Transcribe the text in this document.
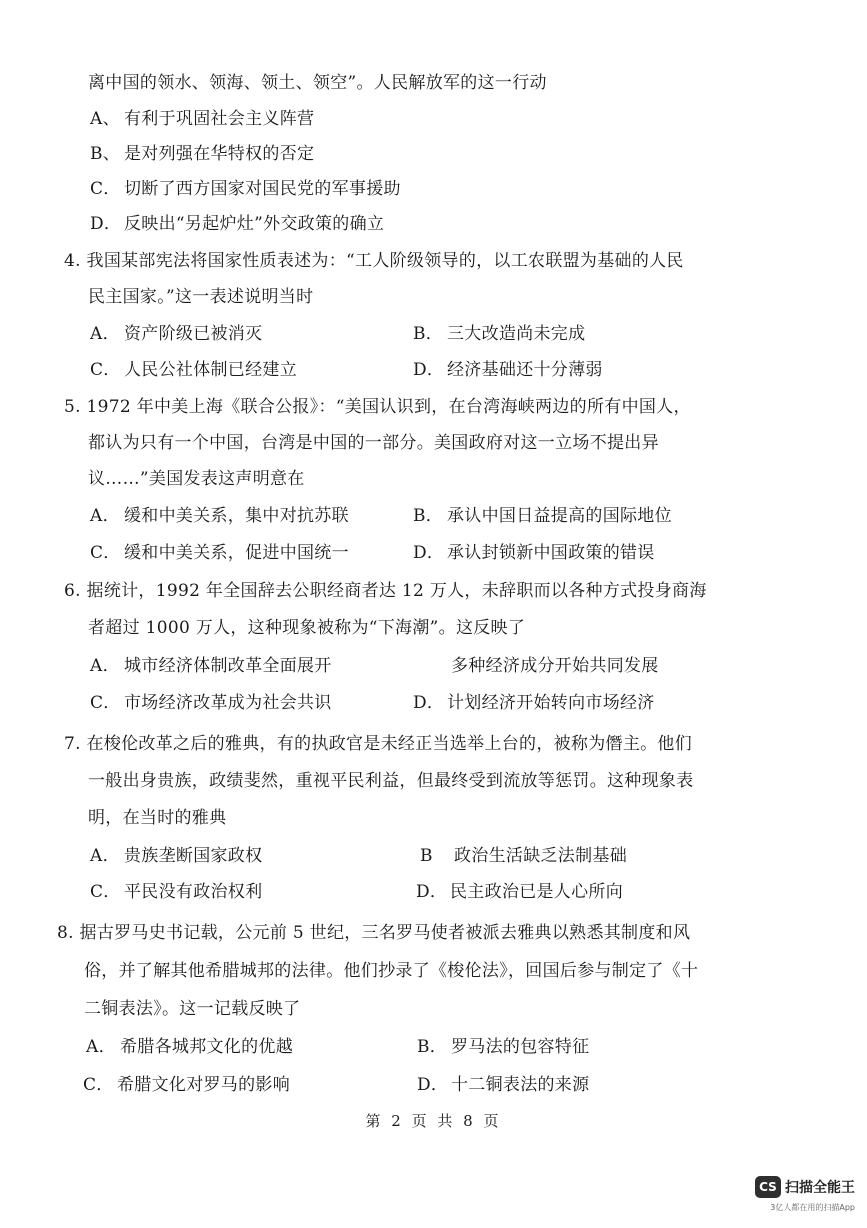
离中国的领水、领海、领土、领空”。人民解放军的这一行动
A、 有利于巩固社会主义阵营
B、 是对列强在华特权的否定
C． 切断了西方国家对国民党的军事援助
D． 反映出“另起炉灶”外交政策的确立
4. 我国某部宪法将国家性质表述为：“工人阶级领导的，以工农联盟为基础的人民
民主国家。”这一表述说明当时
A． 资产阶级已被消灭	B． 三大改造尚未完成
C． 人民公社体制已经建立	D． 经济基础还十分薄弱
5. 1972 年中美上海《联合公报》：“美国认识到，在台湾海峡两边的所有中国人，
都认为只有一个中国，台湾是中国的一部分。美国政府对这一立场不提出异
议……”美国发表这声明意在
A． 缓和中美关系，集中对抗苏联	B． 承认中国日益提高的国际地位
C． 缓和中美关系，促进中国统一	D． 承认封锁新中国政策的错误
6. 据统计，1992 年全国辞去公职经商者达 12 万人，未辞职而以各种方式投身商海
者超过 1000 万人，这种现象被称为“下海潮”。这反映了
A． 城市经济体制改革全面展开	多种经济成分开始共同发展
C． 市场经济改革成为社会共识	D． 计划经济开始转向市场经济
7. 在梭伦改革之后的雅典，有的执政官是未经正当选举上台的，被称为僭主。他们
一般出身贵族，政绩斐然，重视平民利益，但最终受到流放等惩罚。这种现象表
明，在当时的雅典
A． 贵族垄断国家政权	B 政治生活缺乏法制基础
C． 平民没有政治权利	D． 民主政治已是人心所向
8. 据古罗马史书记载，公元前 5 世纪，三名罗马使者被派去雅典以熟悉其制度和风
俗，并了解其他希腊城邦的法律。他们抄录了《梭伦法》，回国后参与制定了《十
二铜表法》。这一记载反映了
A． 希腊各城邦文化的优越	B． 罗马法的包容特征
C． 希腊文化对罗马的影响	D． 十二铜表法的来源
第 2 页 共 8 页
CS 扫描全能王
3亿人都在用的扫描App
